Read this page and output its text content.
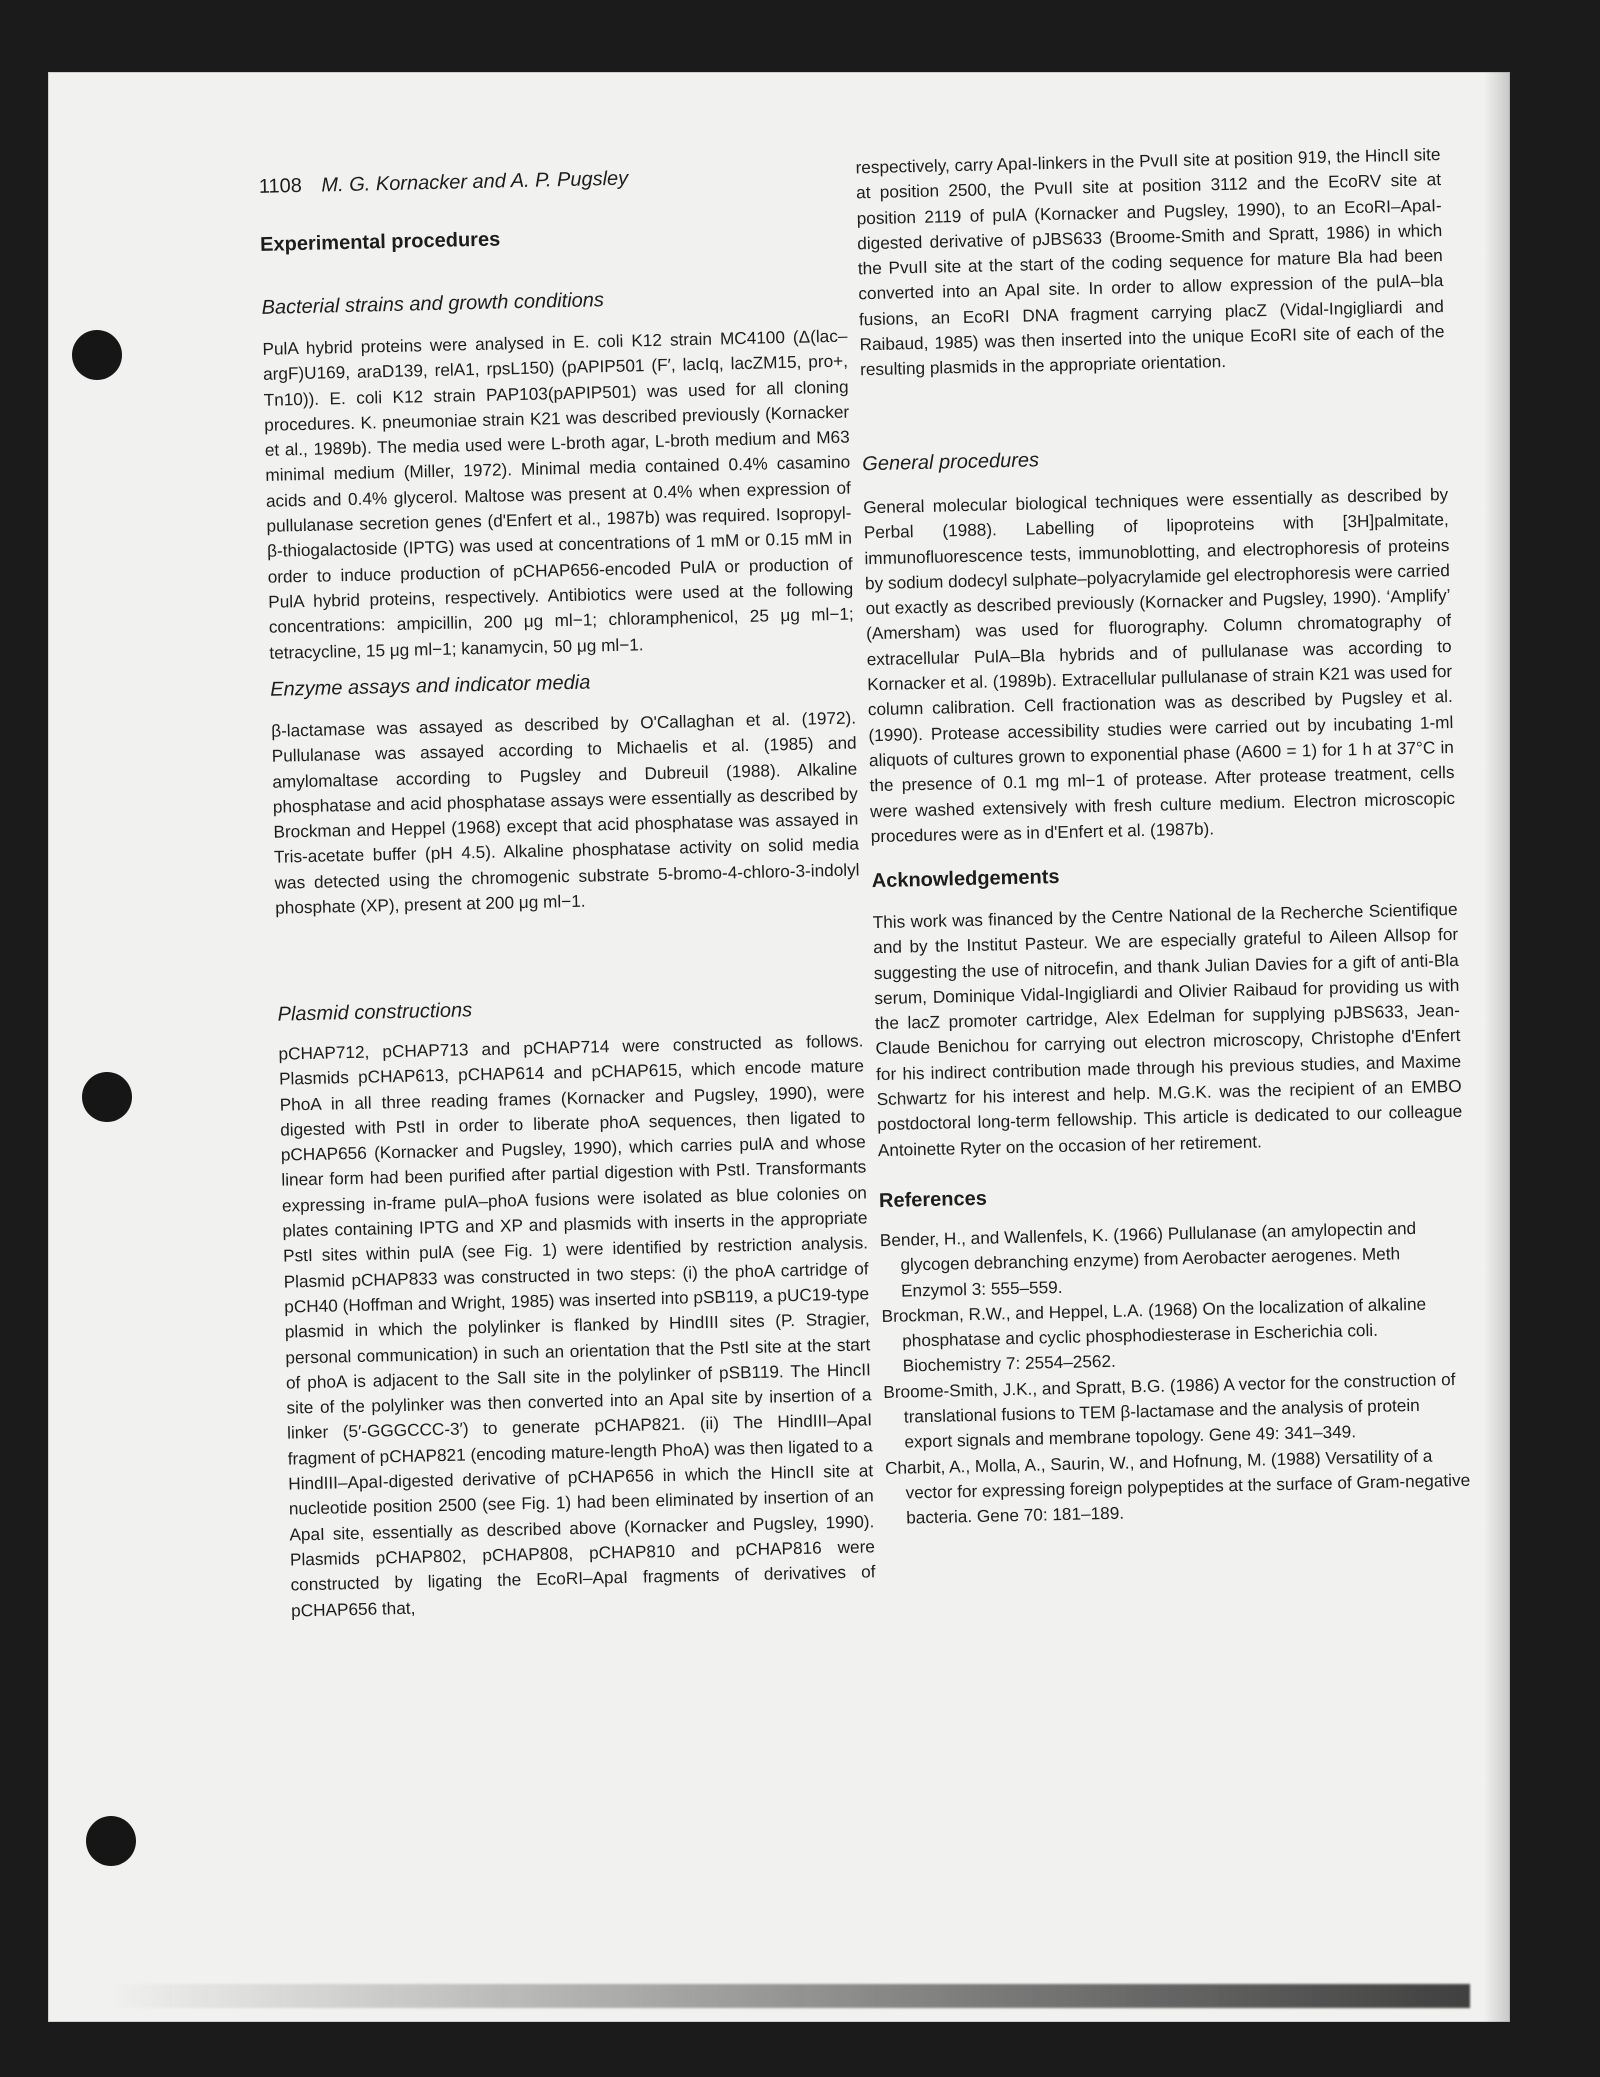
1108 M. G. Kornacker and A. P. Pugsley
Experimental procedures
Bacterial strains and growth conditions

PulA hybrid proteins were analysed in E. coli K12 strain MC4100 (Δ(lac–argF)U169, araD139, relA1, rpsL150) (pAPIP501 (F′, lacIq, lacZM15, pro+, Tn10)). E. coli K12 strain PAP103(pAPIP501) was used for all cloning procedures. K. pneumoniae strain K21 was described previously (Kornacker et al., 1989b). The media used were L-broth agar, L-broth medium and M63 minimal medium (Miller, 1972). Minimal media contained 0.4% casamino acids and 0.4% glycerol. Maltose was present at 0.4% when expression of pullulanase secretion genes (d'Enfert et al., 1987b) was required. Isopropyl-β-thiogalactoside (IPTG) was used at concentrations of 1 mM or 0.15 mM in order to induce production of pCHAP656-encoded PulA or production of PulA hybrid proteins, respectively. Antibiotics were used at the following concentrations: ampicillin, 200 μg ml−1; chloramphenicol, 25 μg ml−1; tetracycline, 15 μg ml−1; kanamycin, 50 μg ml−1.

Enzyme assays and indicator media

β-lactamase was assayed as described by O'Callaghan et al. (1972). Pullulanase was assayed according to Michaelis et al. (1985) and amylomaltase according to Pugsley and Dubreuil (1988). Alkaline phosphatase and acid phosphatase assays were essentially as described by Brockman and Heppel (1968) except that acid phosphatase was assayed in Tris-acetate buffer (pH 4.5). Alkaline phosphatase activity on solid media was detected using the chromogenic substrate 5-bromo-4-chloro-3-indolyl phosphate (XP), present at 200 μg ml−1.

Plasmid constructions

pCHAP712, pCHAP713 and pCHAP714 were constructed as follows. Plasmids pCHAP613, pCHAP614 and pCHAP615, which encode mature PhoA in all three reading frames (Kornacker and Pugsley, 1990), were digested with PstI in order to liberate phoA sequences, then ligated to pCHAP656 (Kornacker and Pugsley, 1990), which carries pulA and whose linear form had been purified after partial digestion with PstI. Transformants expressing in-frame pulA–phoA fusions were isolated as blue colonies on plates containing IPTG and XP and plasmids with inserts in the appropriate PstI sites within pulA (see Fig. 1) were identified by restriction analysis. Plasmid pCHAP833 was constructed in two steps: (i) the phoA cartridge of pCH40 (Hoffman and Wright, 1985) was inserted into pSB119, a pUC19-type plasmid in which the polylinker is flanked by HindIII sites (P. Stragier, personal communication) in such an orientation that the PstI site at the start of phoA is adjacent to the SalI site in the polylinker of pSB119. The HincII site of the polylinker was then converted into an ApaI site by insertion of a linker (5′-GGGCCC-3′) to generate pCHAP821. (ii) The HindIII–ApaI fragment of pCHAP821 (encoding mature-length PhoA) was then ligated to a HindIII–ApaI-digested derivative of pCHAP656 in which the HincII site at nucleotide position 2500 (see Fig. 1) had been eliminated by insertion of an ApaI site, essentially as described above (Kornacker and Pugsley, 1990). Plasmids pCHAP802, pCHAP808, pCHAP810 and pCHAP816 were constructed by ligating the EcoRI–ApaI fragments of derivatives of pCHAP656 that,

respectively, carry ApaI-linkers in the PvuII site at position 919, the HincII site at position 2500, the PvuII site at position 3112 and the EcoRV site at position 2119 of pulA (Kornacker and Pugsley, 1990), to an EcoRI–ApaI-digested derivative of pJBS633 (Broome-Smith and Spratt, 1986) in which the PvuII site at the start of the coding sequence for mature Bla had been converted into an ApaI site. In order to allow expression of the pulA–bla fusions, an EcoRI DNA fragment carrying placZ (Vidal-Ingigliardi and Raibaud, 1985) was then inserted into the unique EcoRI site of each of the resulting plasmids in the appropriate orientation.

General procedures

General molecular biological techniques were essentially as described by Perbal (1988). Labelling of lipoproteins with [3H]palmitate, immunofluorescence tests, immunoblotting, and electrophoresis of proteins by sodium dodecyl sulphate–polyacrylamide gel electrophoresis were carried out exactly as described previously (Kornacker and Pugsley, 1990). ‘Amplify’ (Amersham) was used for fluorography. Column chromatography of extracellular PulA–Bla hybrids and of pullulanase was according to Kornacker et al. (1989b). Extracellular pullulanase of strain K21 was used for column calibration. Cell fractionation was as described by Pugsley et al. (1990). Protease accessibility studies were carried out by incubating 1-ml aliquots of cultures grown to exponential phase (A600 = 1) for 1 h at 37°C in the presence of 0.1 mg ml−1 of protease. After protease treatment, cells were washed extensively with fresh culture medium. Electron microscopic procedures were as in d'Enfert et al. (1987b).

Acknowledgements

This work was financed by the Centre National de la Recherche Scientifique and by the Institut Pasteur. We are especially grateful to Aileen Allsop for suggesting the use of nitrocefin, and thank Julian Davies for a gift of anti-Bla serum, Dominique Vidal-Ingigliardi and Olivier Raibaud for providing us with the lacZ promoter cartridge, Alex Edelman for supplying pJBS633, Jean-Claude Benichou for carrying out electron microscopy, Christophe d'Enfert for his indirect contribution made through his previous studies, and Maxime Schwartz for his interest and help. M.G.K. was the recipient of an EMBO postdoctoral long-term fellowship. This article is dedicated to our colleague Antoinette Ryter on the occasion of her retirement.

References
Bender, H., and Wallenfels, K. (1966) Pullulanase (an amylopectin and glycogen debranching enzyme) from Aerobacter aerogenes. Meth Enzymol 3: 555–559.
Brockman, R.W., and Heppel, L.A. (1968) On the localization of alkaline phosphatase and cyclic phosphodiesterase in Escherichia coli. Biochemistry 7: 2554–2562.
Broome-Smith, J.K., and Spratt, B.G. (1986) A vector for the construction of translational fusions to TEM β-lactamase and the analysis of protein export signals and membrane topology. Gene 49: 341–349.
Charbit, A., Molla, A., Saurin, W., and Hofnung, M. (1988) Versatility of a vector for expressing foreign polypeptides at the surface of Gram-negative bacteria. Gene 70: 181–189.
